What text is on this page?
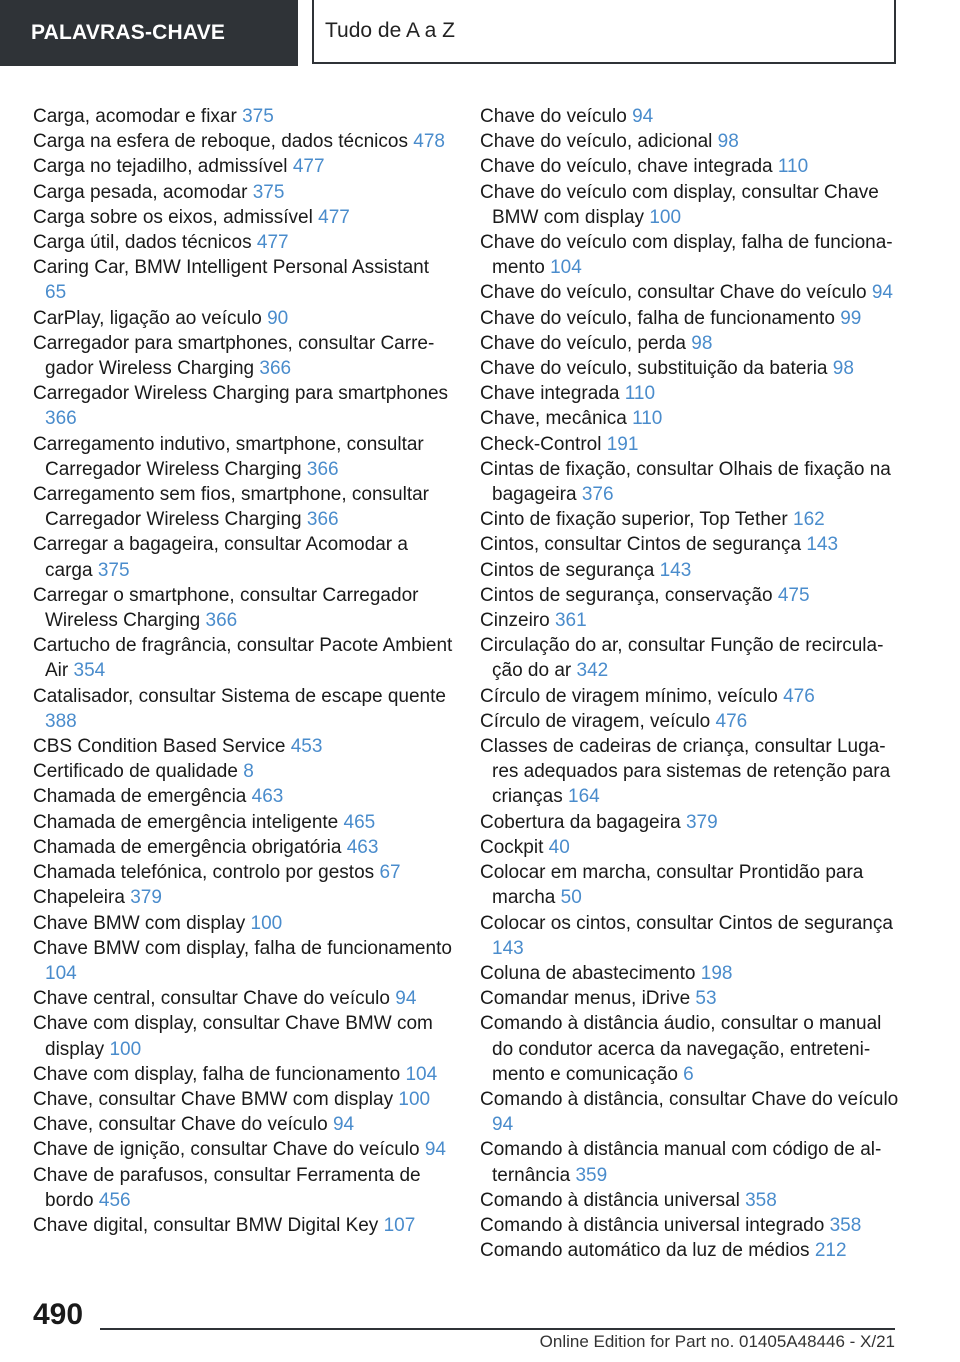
PALAVRAS-CHAVE	Tudo de A a Z

Carga, acomodar e fixar 375

Carga na esfera de reboque, dados técnicos 478

Carga no tejadilho, admissível 477

Carga pesada, acomodar 375

Carga sobre os eixos, admissível 477

Carga útil, dados técnicos 477

Caring Car, BMW Intelligent Personal Assistant 65

CarPlay, ligação ao veículo 90

Carregador para smartphones, consultar Carregador Wireless Charging 366

Carregador Wireless Charging para smartphones 366

Carregamento indutivo, smartphone, consultar Carregador Wireless Charging 366

Carregamento sem fios, smartphone, consultar Carregador Wireless Charging 366

Carregar a bagageira, consultar Acomodar a carga 375

Carregar o smartphone, consultar Carregador Wireless Charging 366

Cartucho de fragrância, consultar Pacote Ambient Air 354

Catalisador, consultar Sistema de escape quente 388

CBS Condition Based Service 453

Certificado de qualidade 8

Chamada de emergência 463

Chamada de emergência inteligente 465

Chamada de emergência obrigatória 463

Chamada telefónica, controlo por gestos 67

Chapeleira 379

Chave BMW com display 100

Chave BMW com display, falha de funcionamento 104

Chave central, consultar Chave do veículo 94

Chave com display, consultar Chave BMW com display 100

Chave com display, falha de funcionamento 104

Chave, consultar Chave BMW com display 100

Chave, consultar Chave do veículo 94

Chave de ignição, consultar Chave do veículo 94

Chave de parafusos, consultar Ferramenta de bordo 456

Chave digital, consultar BMW Digital Key 107

Chave do veículo 94

Chave do veículo, adicional 98

Chave do veículo, chave integrada 110

Chave do veículo com display, consultar Chave BMW com display 100

Chave do veículo com display, falha de funcionamento 104

Chave do veículo, consultar Chave do veículo 94

Chave do veículo, falha de funcionamento 99

Chave do veículo, perda 98

Chave do veículo, substituição da bateria 98

Chave integrada 110

Chave, mecânica 110

Check-Control 191

Cintas de fixação, consultar Olhais de fixação na bagageira 376

Cinto de fixação superior, Top Tether 162

Cintos, consultar Cintos de segurança 143

Cintos de segurança 143

Cintos de segurança, conservação 475

Cinzeiro 361

Circulação do ar, consultar Função de recirculação do ar 342

Círculo de viragem mínimo, veículo 476

Círculo de viragem, veículo 476

Classes de cadeiras de criança, consultar Lugares adequados para sistemas de retenção para crianças 164

Cobertura da bagageira 379

Cockpit 40

Colocar em marcha, consultar Prontidão para marcha 50

Colocar os cintos, consultar Cintos de segurança 143

Coluna de abastecimento 198

Comandar menus, iDrive 53

Comando à distância áudio, consultar o manual do condutor acerca da navegação, entretenimento e comunicação 6

Comando à distância, consultar Chave do veículo 94

Comando à distância manual com código de alternância 359

Comando à distância universal 358

Comando à distância universal integrado 358

Comando automático da luz de médios 212

490
Online Edition for Part no. 01405A48446 - X/21
